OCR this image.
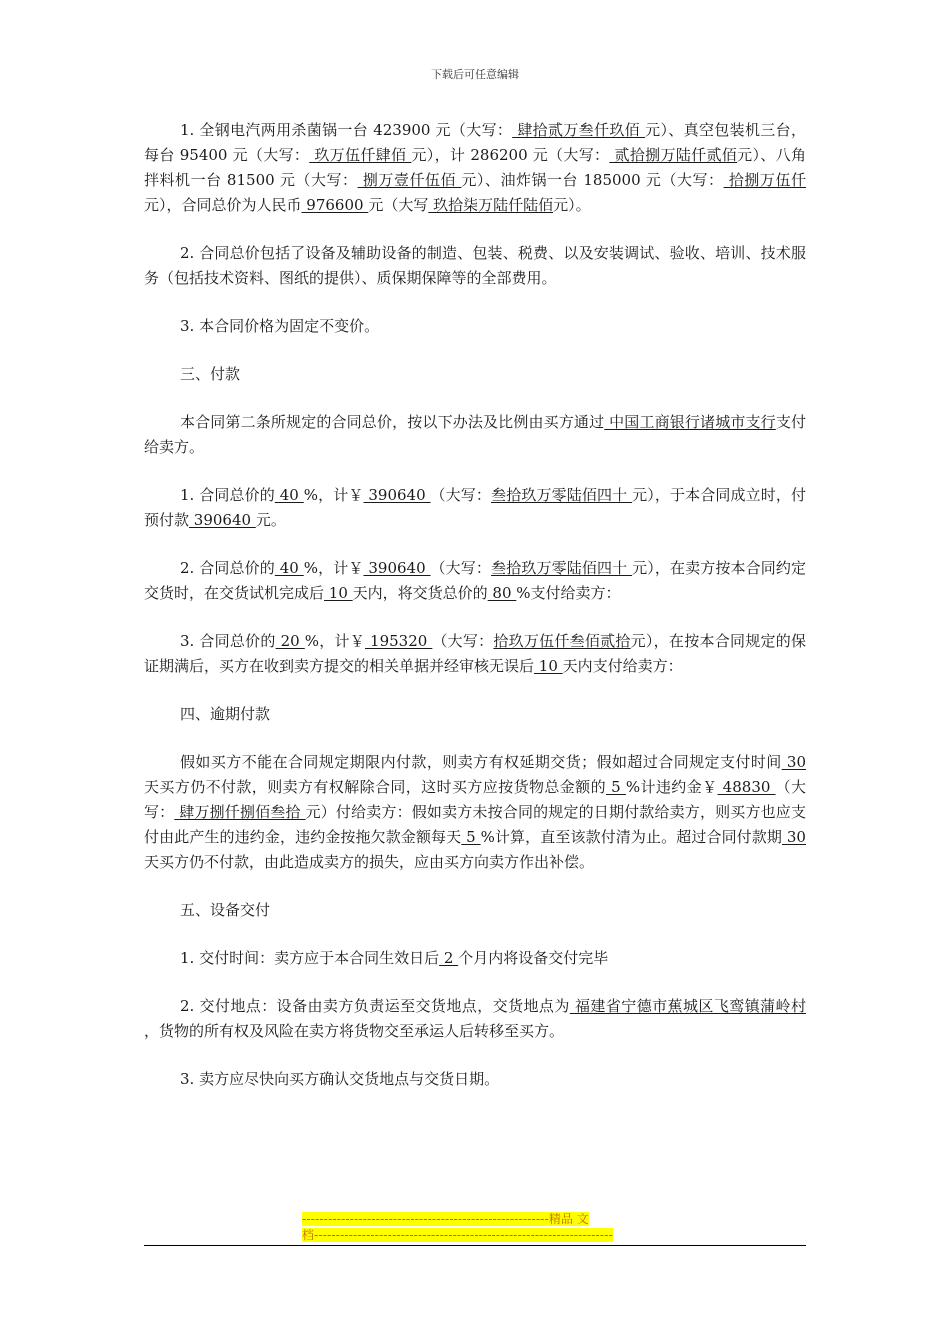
下载后可任意编辑

1. 全钢电汽两用杀菌锅一台 423900 元（大写： 肆拾贰万叁仟玖佰 元）、真空包装机三台，每台 95400 元（大写： 玖万伍仟肆佰 元），计 286200 元（大写： 贰拾捌万陆仟贰佰元）、八角拌料机一台 81500 元（大写： 捌万壹仟伍佰 元）、油炸锅一台 185000 元（大写： 拾捌万伍仟 元），合同总价为人民币 976600 元（大写 玖拾柒万陆仟陆佰元）。

2. 合同总价包括了设备及辅助设备的制造、包装、税费、以及安装调试、验收、培训、技术服务（包括技术资料、图纸的提供）、质保期保障等的全部费用。

3. 本合同价格为固定不变价。

三、付款

本合同第二条所规定的合同总价，按以下办法及比例由买方通过 中国工商银行诸城市支行支付给卖方。

1. 合同总价的 40 %，计￥ 390640 （大写：叁拾玖万零陆佰四十 元），于本合同成立时，付预付款 390640 元。

2. 合同总价的 40 %，计￥ 390640 （大写：叁拾玖万零陆佰四十 元），在卖方按本合同约定交货时，在交货试机完成后 10 天内，将交货总价的 80 %支付给卖方：

3. 合同总价的 20 %，计￥ 195320 （大写：拾玖万伍仟叁佰贰拾元），在按本合同规定的保证期满后，买方在收到卖方提交的相关单据并经审核无误后 10 天内支付给卖方：

四、逾期付款

假如买方不能在合同规定期限内付款，则卖方有权延期交货；假如超过合同规定支付时间 30 天买方仍不付款，则卖方有权解除合同，这时买方应按货物总金额的 5 %计违约金￥ 48830 （大写： 肆万捌仟捌佰叁拾 元）付给卖方：假如卖方未按合同的规定的日期付款给卖方，则买方也应支付由此产生的违约金，违约金按拖欠款金额每天 5 %计算，直至该款付清为止。超过合同付款期 30 天买方仍不付款，由此造成卖方的损失，应由买方向卖方作出补偿。

五、设备交付

1. 交付时间：卖方应于本合同生效日后 2 个月内将设备交付完毕

2. 交付地点：设备由卖方负责运至交货地点，交货地点为 福建省宁德市蕉城区飞鸾镇蒲岭村 ，货物的所有权及风险在卖方将货物交至承运人后转移至买方。

3. 卖方应尽快向买方确认交货地点与交货日期。

---------------------------------------------------------精品 文
档---------------------------------------------------------------------
